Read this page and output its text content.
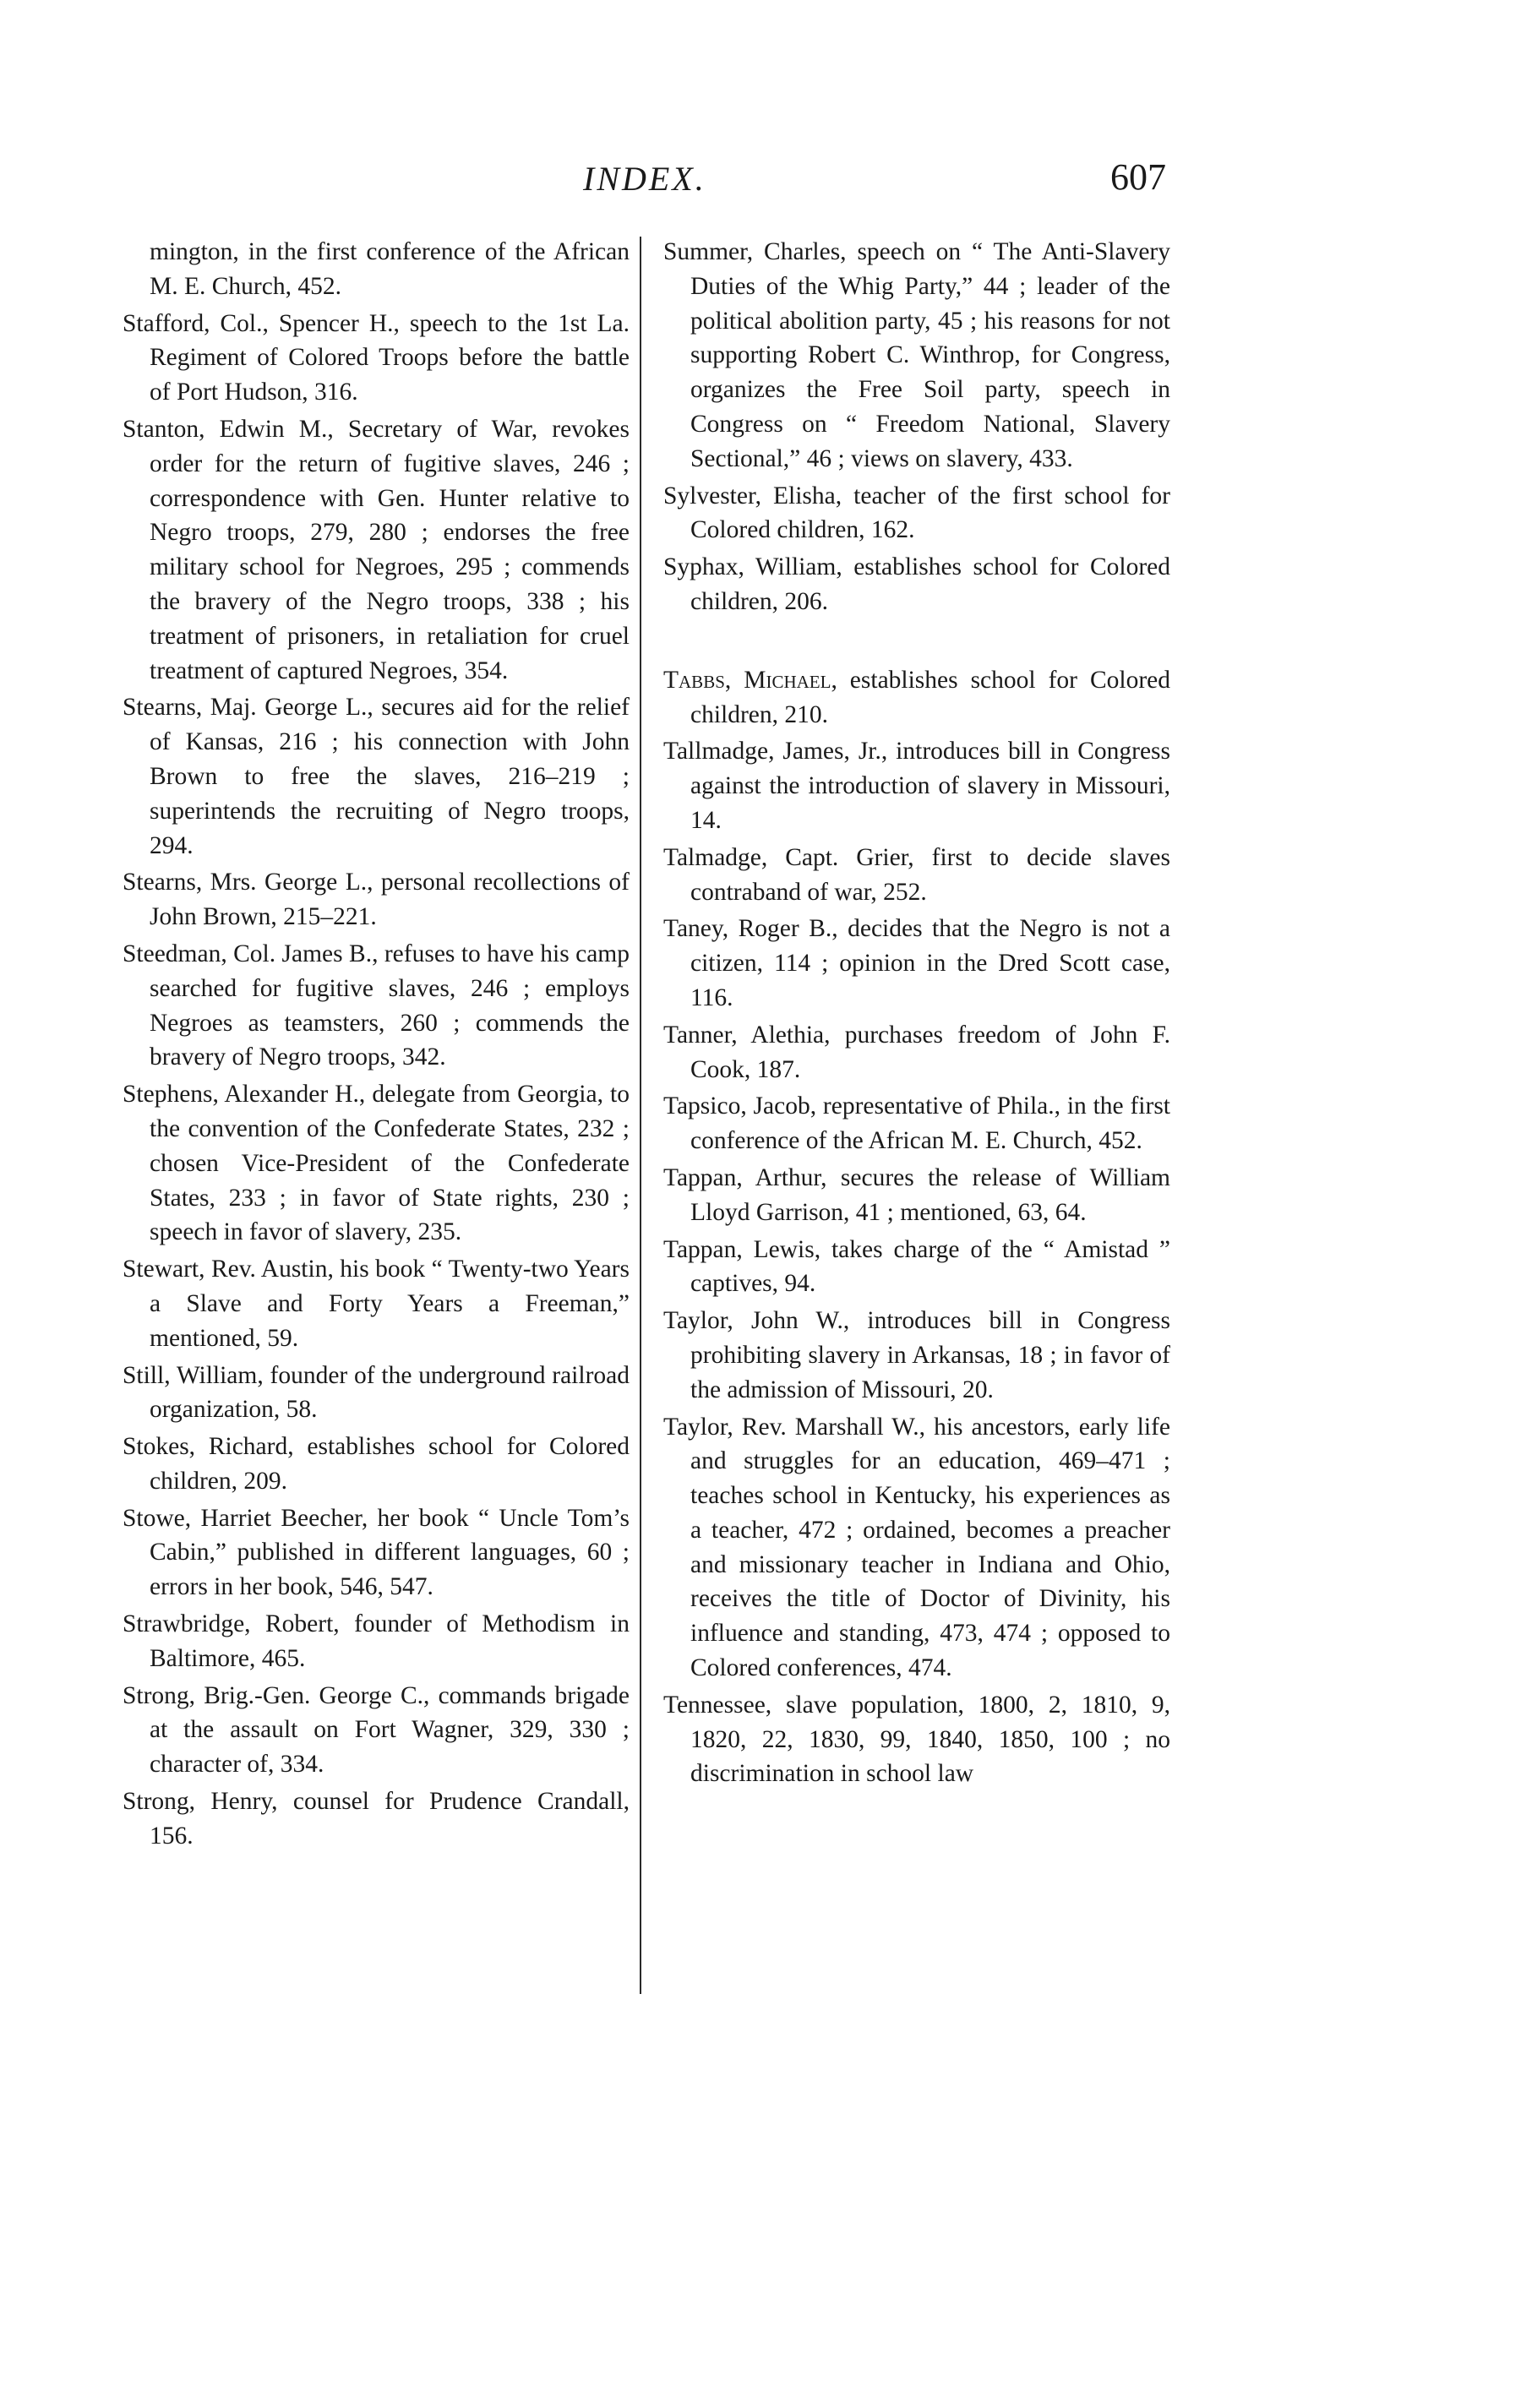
INDEX.	607

mington, in the first conference of the African M. E. Church, 452.

Stafford, Col., Spencer H., speech to the 1st La. Regiment of Colored Troops before the battle of Port Hudson, 316.

Stanton, Edwin M., Secretary of War, revokes order for the return of fugitive slaves, 246 ; correspondence with Gen. Hunter relative to Negro troops, 279, 280 ; endorses the free military school for Negroes, 295 ; commends the bravery of the Negro troops, 338 ; his treatment of prisoners, in retaliation for cruel treatment of captured Negroes, 354.

Stearns, Maj. George L., secures aid for the relief of Kansas, 216 ; his connection with John Brown to free the slaves, 216–219 ; superintends the recruiting of Negro troops, 294.

Stearns, Mrs. George L., personal recollections of John Brown, 215–221.

Steedman, Col. James B., refuses to have his camp searched for fugitive slaves, 246 ; employs Negroes as teamsters, 260 ; commends the bravery of Negro troops, 342.

Stephens, Alexander H., delegate from Georgia, to the convention of the Confederate States, 232 ; chosen Vice-President of the Confederate States, 233 ; in favor of State rights, 230 ; speech in favor of slavery, 235.

Stewart, Rev. Austin, his book “ Twenty-two Years a Slave and Forty Years a Freeman,” mentioned, 59.

Still, William, founder of the underground railroad organization, 58.

Stokes, Richard, establishes school for Colored children, 209.

Stowe, Harriet Beecher, her book “ Uncle Tom’s Cabin,” published in different languages, 60 ; errors in her book, 546, 547.

Strawbridge, Robert, founder of Methodism in Baltimore, 465.

Strong, Brig.-Gen. George C., commands brigade at the assault on Fort Wagner, 329, 330 ; character of, 334.

Strong, Henry, counsel for Prudence Crandall, 156.

Summer, Charles, speech on “ The Anti-Slavery Duties of the Whig Party,” 44 ; leader of the political abolition party, 45 ; his reasons for not supporting Robert C. Winthrop, for Congress, organizes the Free Soil party, speech in Congress on “ Freedom National, Slavery Sectional,” 46 ; views on slavery, 433.

Sylvester, Elisha, teacher of the first school for Colored children, 162.

Syphax, William, establishes school for Colored children, 206.

Tabbs, Michael, establishes school for Colored children, 210.

Tallmadge, James, Jr., introduces bill in Congress against the introduction of slavery in Missouri, 14.

Talmadge, Capt. Grier, first to decide slaves contraband of war, 252.

Taney, Roger B., decides that the Negro is not a citizen, 114 ; opinion in the Dred Scott case, 116.

Tanner, Alethia, purchases freedom of John F. Cook, 187.

Tapsico, Jacob, representative of Phila., in the first conference of the African M. E. Church, 452.

Tappan, Arthur, secures the release of William Lloyd Garrison, 41 ; mentioned, 63, 64.

Tappan, Lewis, takes charge of the “ Amistad ” captives, 94.

Taylor, John W., introduces bill in Congress prohibiting slavery in Arkansas, 18 ; in favor of the admission of Missouri, 20.

Taylor, Rev. Marshall W., his ancestors, early life and struggles for an education, 469–471 ; teaches school in Kentucky, his experiences as a teacher, 472 ; ordained, becomes a preacher and missionary teacher in Indiana and Ohio, receives the title of Doctor of Divinity, his influence and standing, 473, 474 ; opposed to Colored conferences, 474.

Tennessee, slave population, 1800, 2, 1810, 9, 1820, 22, 1830, 99, 1840, 1850, 100 ; no discrimination in school law
